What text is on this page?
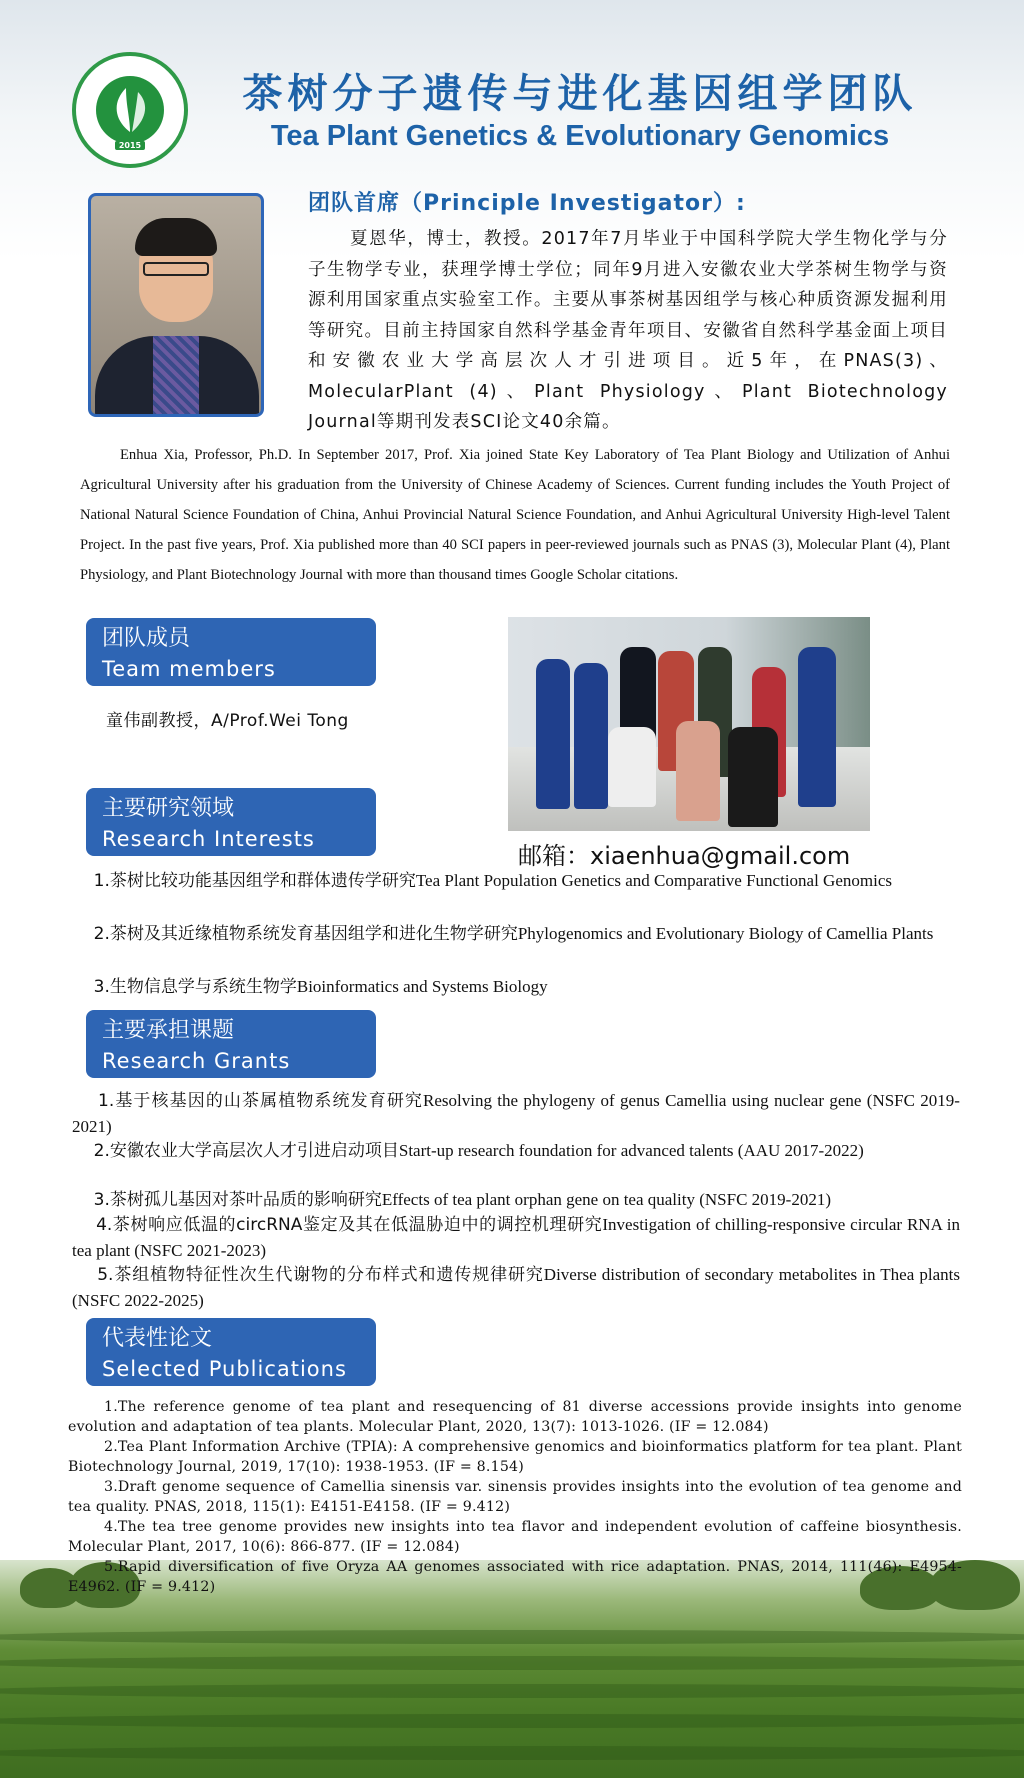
2015
茶树分子遗传与进化基因组学团队
Tea Plant Genetics & Evolutionary Genomics
团队首席（Principle Investigator）:
夏恩华，博士，教授。2017年7月毕业于中国科学院大学生物化学与分子生物学专业，获理学博士学位；同年9月进入安徽农业大学茶树生物学与资源利用国家重点实验室工作。主要从事茶树基因组学与核心种质资源发掘利用等研究。目前主持国家自然科学基金青年项目、安徽省自然科学基金面上项目和安徽农业大学高层次人才引进项目。近5年，在PNAS(3)、MolecularPlant (4)、Plant Physiology、Plant Biotechnology Journal等期刊发表SCI论文40余篇。
Enhua Xia, Professor, Ph.D. In September 2017, Prof. Xia joined State Key Laboratory of Tea Plant Biology and Utilization of Anhui Agricultural University after his graduation from the University of Chinese Academy of Sciences. Current funding includes the Youth Project of National Natural Science Foundation of China, Anhui Provincial Natural Science Foundation, and Anhui Agricultural University High-level Talent Project. In the past five years, Prof. Xia published more than 40 SCI papers in peer-reviewed journals such as PNAS (3), Molecular Plant (4), Plant Physiology, and Plant Biotechnology Journal with more than thousand times Google Scholar citations.
团队成员
Team members
童伟副教授，A/Prof.Wei Tong
邮箱：xiaenhua@gmail.com
主要研究领域
Research Interests
1.茶树比较功能基因组学和群体遗传学研究Tea Plant Population Genetics and Comparative Functional Genomics
2.茶树及其近缘植物系统发育基因组学和进化生物学研究Phylogenomics and Evolutionary Biology of Camellia Plants
3.生物信息学与系统生物学Bioinformatics and Systems Biology
主要承担课题
Research Grants
1.基于核基因的山茶属植物系统发育研究Resolving the phylogeny of genus Camellia using nuclear gene (NSFC 2019-2021)
2.安徽农业大学高层次人才引进启动项目Start-up research foundation for advanced talents (AAU 2017-2022)
3.茶树孤儿基因对茶叶品质的影响研究Effects of tea plant orphan gene on tea quality (NSFC 2019-2021)
4.茶树响应低温的circRNA鉴定及其在低温胁迫中的调控机理研究Investigation of chilling-responsive circular RNA in tea plant (NSFC 2021-2023)
5.茶组植物特征性次生代谢物的分布样式和遗传规律研究Diverse distribution of secondary metabolites in Thea plants (NSFC 2022-2025)
代表性论文
Selected Publications
1.The reference genome of tea plant and resequencing of 81 diverse accessions provide insights into genome evolution and adaptation of tea plants. Molecular Plant, 2020, 13(7): 1013-1026. (IF = 12.084)
2.Tea Plant Information Archive (TPIA): A comprehensive genomics and bioinformatics platform for tea plant. Plant Biotechnology Journal, 2019, 17(10): 1938-1953. (IF = 8.154)
3.Draft genome sequence of Camellia sinensis var. sinensis provides insights into the evolution of tea genome and tea quality. PNAS, 2018, 115(1): E4151-E4158. (IF = 9.412)
4.The tea tree genome provides new insights into tea flavor and independent evolution of caffeine biosynthesis. Molecular Plant, 2017, 10(6): 866-877. (IF = 12.084)
5.Rapid diversification of five Oryza AA genomes associated with rice adaptation. PNAS, 2014, 111(46): E4954-E4962. (IF = 9.412)
